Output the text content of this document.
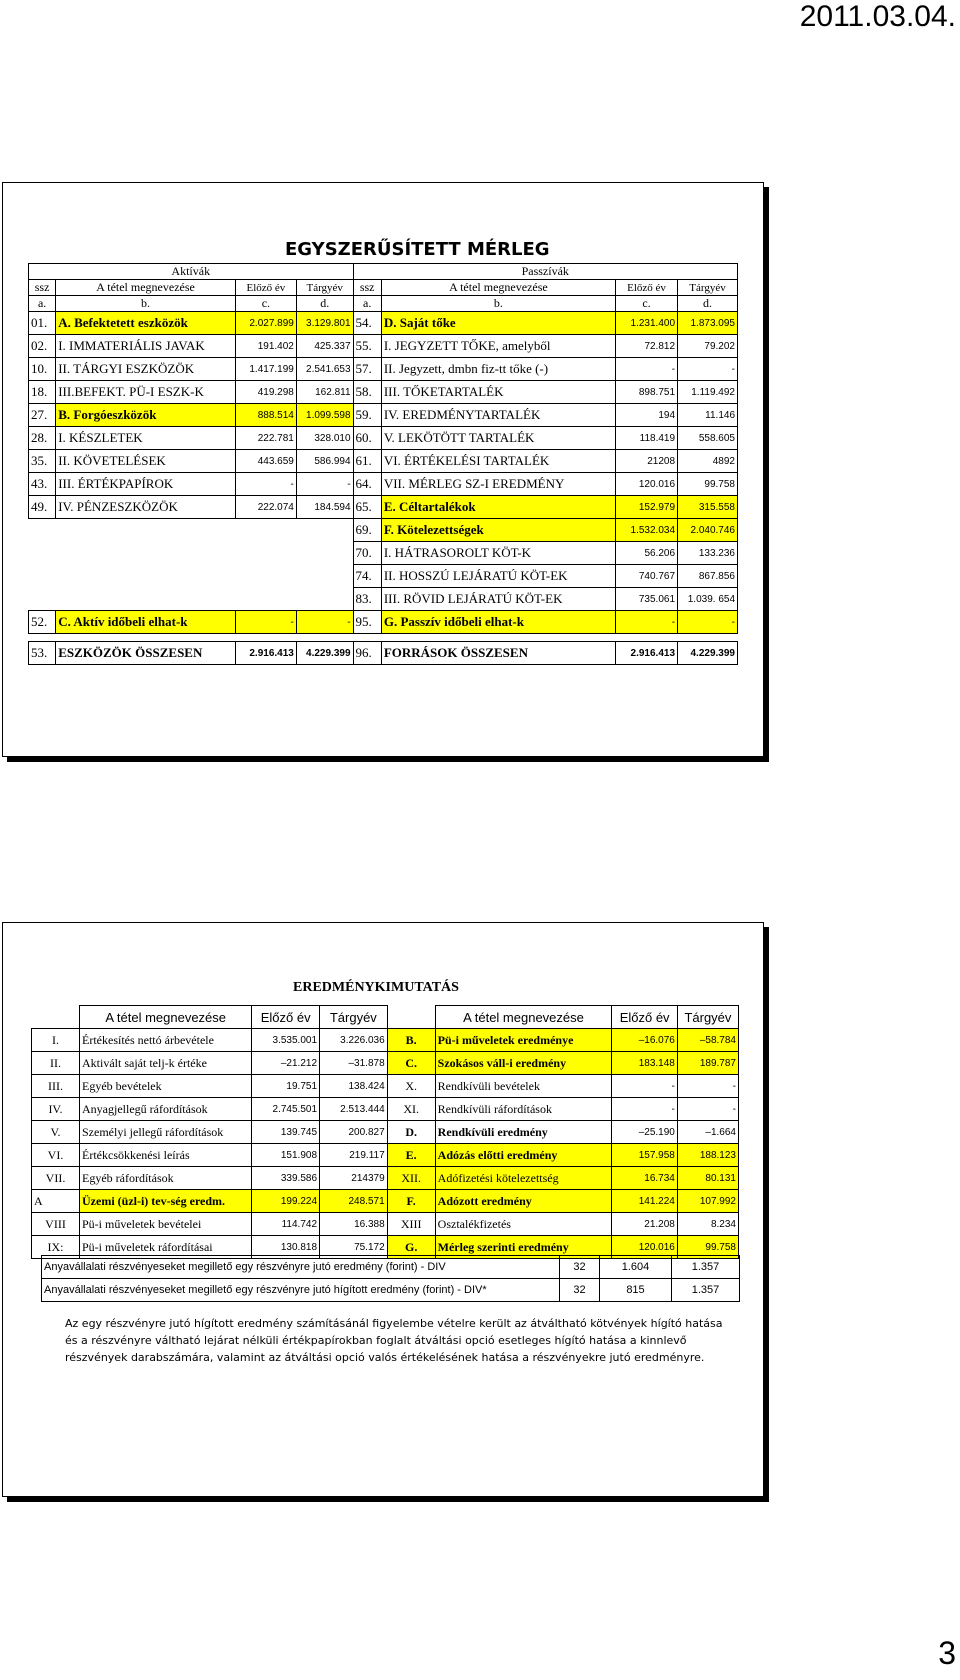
2011.03.04.
EGYSZERŰSÍTETT MÉRLEG
Aktívák				Passzívák			
ssz	A tétel megnevezése	Előző év	Tárgyév	ssz	A tétel megnevezése	Előző év	Tárgyév
a.	b.	c.	d.	a.	b.	c.	d.
01.	A. Befektetett eszközök	2.027.899	3.129.801	54.	D. Saját tőke	1.231.400	1.873.095
02.	I. IMMATERIÁLIS JAVAK	191.402	425.337	55.	I. JEGYZETT TŐKE, amelyből	72.812	79.202
10.	II. TÁRGYI ESZKÖZÖK	1.417.199	2.541.653	57.	II. Jegyzett, dmbn fiz-tt tőke (-)	-	-
18.	III.BEFEKT. PÜ-I ESZK-K	419.298	162.811	58.	III. TŐKETARTALÉK	898.751	1.119.492
27.	B. Forgóeszközök	888.514	1.099.598	59.	IV. EREDMÉNYTARTALÉK	194	11.146
28.	I. KÉSZLETEK	222.781	328.010	60.	V. LEKÖTÖTT TARTALÉK	118.419	558.605
35.	II. KÖVETELÉSEK	443.659	586.994	61.	VI. ÉRTÉKELÉSI TARTALÉK	21208	4892
43.	III. ÉRTÉKPAPÍROK	-	-	64.	VII. MÉRLEG SZ-I EREDMÉNY	120.016	99.758
49.	IV. PÉNZESZKÖZÖK	222.074	184.594	65.	E. Céltartalékok	152.979	315.558
				69.	F. Kötelezettségek	1.532.034	2.040.746
				70.	I. HÁTRASOROLT KÖT-K	56.206	133.236
				74.	II. HOSSZÚ LEJÁRATÚ KÖT-EK	740.767	867.856
				83.	III. RÖVID LEJÁRATÚ KÖT-EK	735.061	1.039. 654
52.	C. Aktív időbeli elhat-k	-	-	95.	G. Passzív időbeli elhat-k	-	-

53.	ESZKÖZÖK ÖSSZESEN	2.916.413	4.229.399	96.	FORRÁSOK ÖSSZESEN	2.916.413	4.229.399
EREDMÉNYKIMUTATÁS
	A tétel megnevezése	Előző év	Tárgyév		A tétel megnevezése	Előző év	Tárgyév
I.	Értékesítés nettó árbevétele	3.535.001	3.226.036	B.	Pü-i műveletek eredménye	–16.076	–58.784
II.	Aktivált saját telj-k értéke	–21.212	–31.878	C.	Szokásos váll-i eredmény	183.148	189.787
III.	Egyéb bevételek	19.751	138.424	X.	Rendkívüli bevételek	-	-
IV.	Anyagjellegű ráfordítások	2.745.501	2.513.444	XI.	Rendkívüli ráfordítások	-	-
V.	Személyi jellegű ráfordítások	139.745	200.827	D.	Rendkívüli eredmény	–25.190	–1.664
VI.	Értékcsökkenési leírás	151.908	219.117	E.	Adózás előtti eredmény	157.958	188.123
VII.	Egyéb ráfordítások	339.586	214379	XII.	Adófizetési kötelezettség	16.734	80.131
A	Üzemi (üzl-i) tev-ség eredm.	199.224	248.571	F.	Adózott eredmény	141.224	107.992
VIII	Pü-i műveletek bevételei	114.742	16.388	XIII	Osztalékfizetés	21.208	8.234
IX:	Pü-i műveletek ráfordításai	130.818	75.172	G.	Mérleg szerinti eredmény	120.016	99.758
Anyavállalati részvényeseket megillető egy részvényre jutó eredmény (forint) - DIV	32	1.604	1.357
Anyavállalati részvényeseket megillető egy részvényre jutó hígított eredmény (forint) - DIV*	32	815	1.357
Az egy részvényre jutó hígított eredmény számításánál figyelembe vételre került az átváltható kötvények hígító hatása és a részvényre váltható lejárat nélküli értékpapírokban foglalt átváltási opció esetleges hígító hatása a kinnlevő részvények darabszámára, valamint az átváltási opció valós értékelésének hatása a részvényekre jutó eredményre.
3
